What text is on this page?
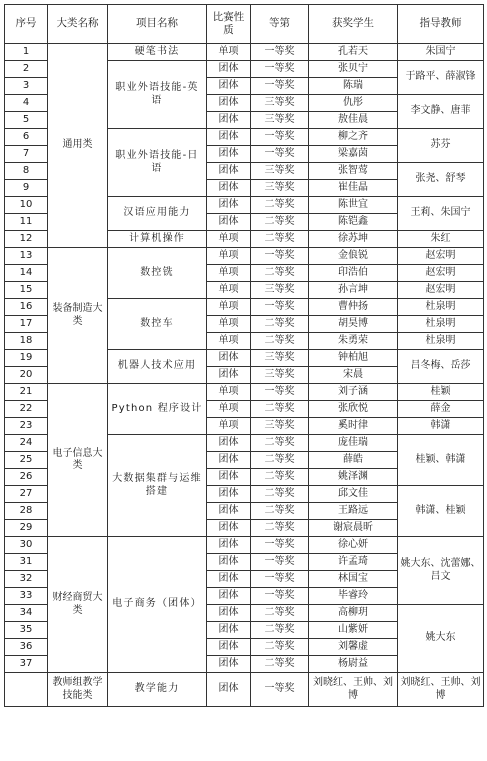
序号	大类名称	项目名称	比赛性质	等第	获奖学生	指导教师
1	通用类	硬笔书法	单项	一等奖	孔若天	朱国宁
2		职业外语技能-英语	团体	一等奖	张贝宁	于路平、薛淑锋
3			团体	一等奖	陈瑞	
4			团体	三等奖	仇彤	李文静、唐菲
5			团体	三等奖	敖佳晨	
6		职业外语技能-日语	团体	一等奖	柳之齐	苏芬
7			团体	一等奖	梁嘉茵	
8			团体	三等奖	张智莺	张尧、舒琴
9			团体	三等奖	崔佳晶	
10		汉语应用能力	团体	二等奖	陈世宜	王莉、朱国宁
11			团体	二等奖	陈铠鑫	
12		计算机操作	单项	二等奖	徐苏坤	朱红
13	装备制造大类	数控铣	单项	一等奖	金俍锐	赵宏明
14			单项	二等奖	印浩伯	赵宏明
15			单项	三等奖	孙言坤	赵宏明
16		数控车	单项	一等奖	曹仲扬	杜泉明
17			单项	二等奖	胡昊博	杜泉明
18			单项	二等奖	朱勇荣	杜泉明
19		机器人技术应用	团体	三等奖	钟柏旭	吕冬梅、岳莎
20			团体	三等奖	宋晨	
21	电子信息大类	Python 程序设计	单项	一等奖	刘子涵	桂颖
22			单项	二等奖	张欣悦	薛金
23			单项	三等奖	奚时律	韩潇
24		大数据集群与运维搭建	团体	二等奖	庞佳瑞	桂颖、韩潇
25			团体	二等奖	薛皓	
26			团体	二等奖	姚泽渊	
27			团体	二等奖	邱文佳	韩潇、桂颖
28			团体	二等奖	王路远	
29			团体	二等奖	谢宸晨昕	
30	财经商贸大类	电子商务（团体）	团体	一等奖	徐心妍	姚大东、沈蕾娜、吕文
31			团体	一等奖	许孟琦	
32			团体	一等奖	林国宝	
33			团体	一等奖	毕睿玲	
34			团体	二等奖	高柳玥	姚大东
35			团体	二等奖	山紫妍	
36			团体	二等奖	刘馨虚	
37			团体	二等奖	杨尉益	
	教师组教学技能类	教学能力	团体	一等奖	刘晓红、王帅、刘博	刘晓红、王帅、刘博
